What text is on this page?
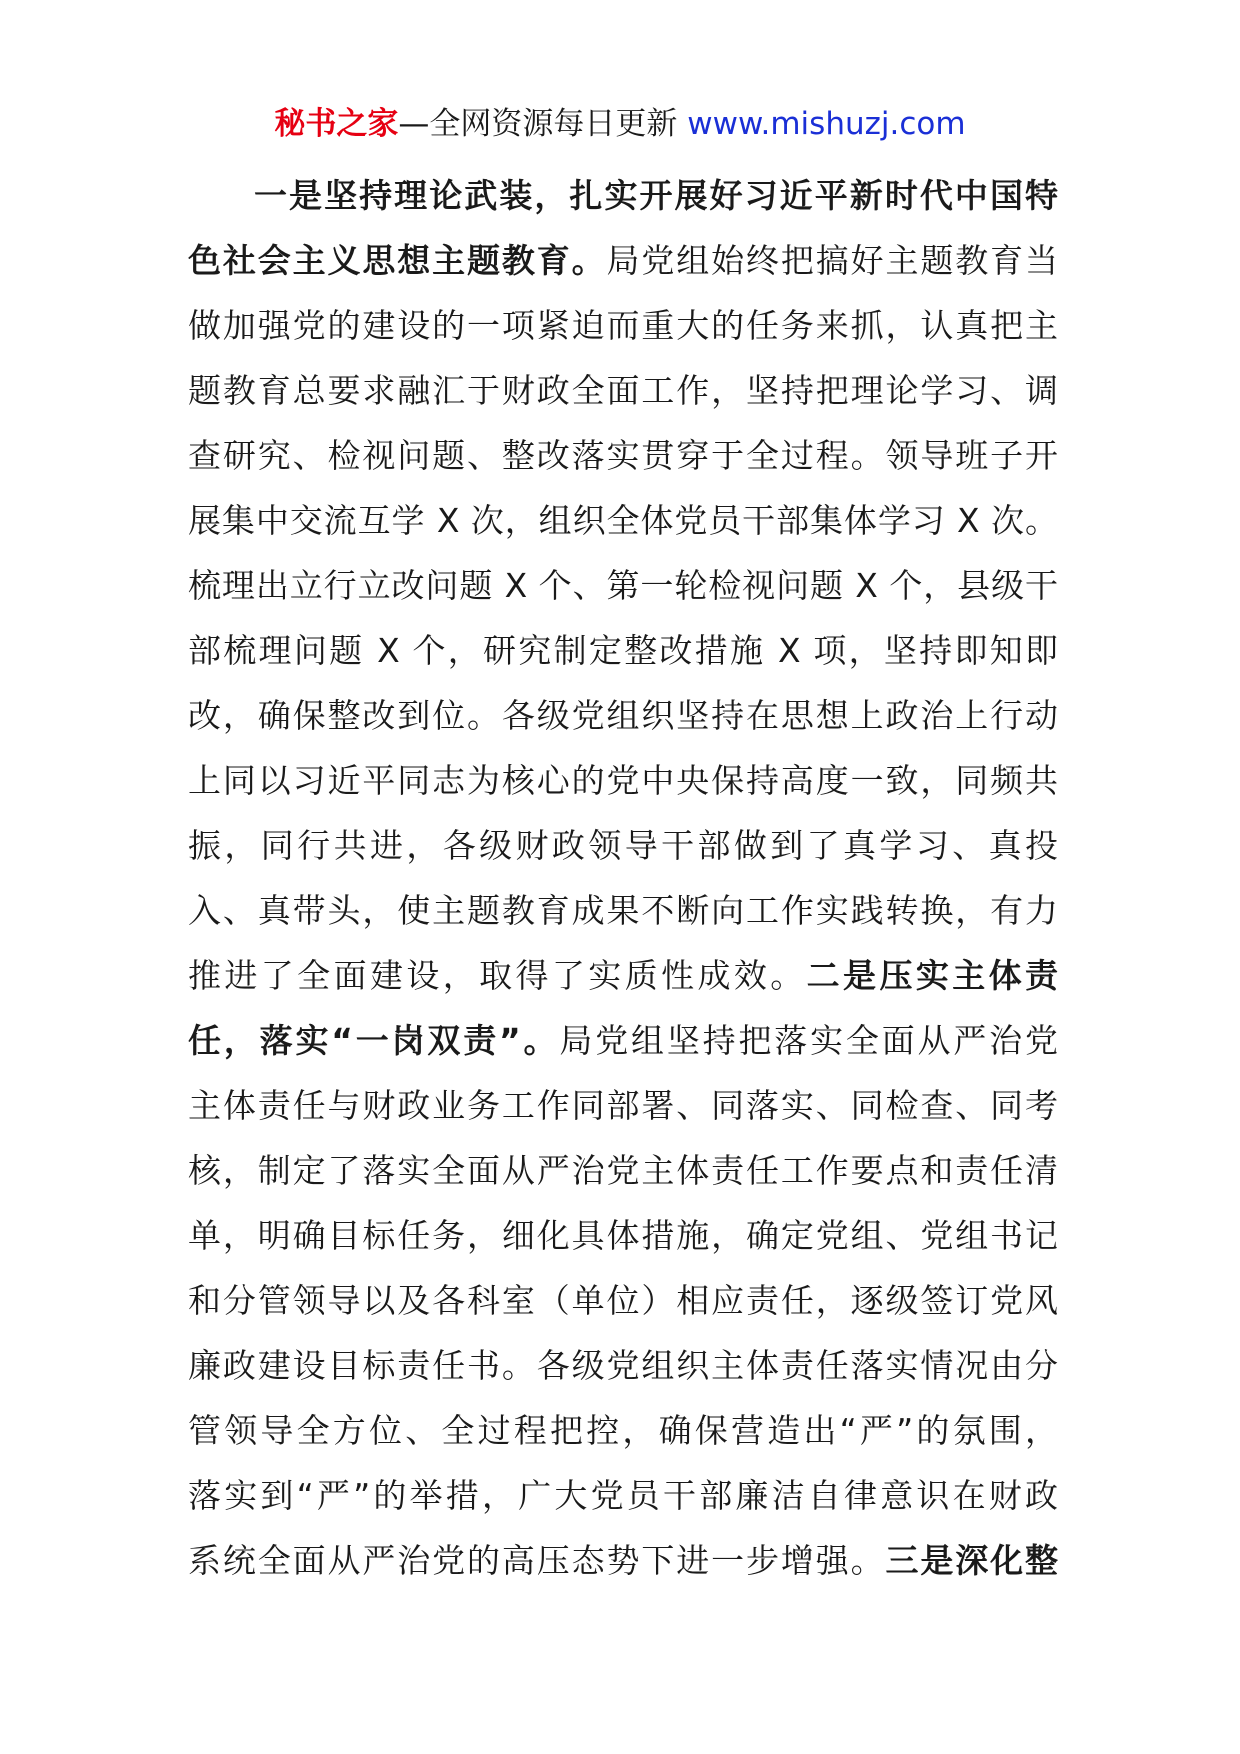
秘书之家—全网资源每日更新 www.mishuzj.com
一是坚持理论武装，扎实开展好习近平新时代中国特
色社会主义思想主题教育。局党组始终把搞好主题教育当
做加强党的建设的一项紧迫而重大的任务来抓，认真把主
题教育总要求融汇于财政全面工作，坚持把理论学习、调
查研究、检视问题、整改落实贯穿于全过程。领导班子开
展集中交流互学 X 次，组织全体党员干部集体学习 X 次。
梳理出立行立改问题 X 个、第一轮检视问题 X 个，县级干
部梳理问题 X 个，研究制定整改措施 X 项，坚持即知即
改，确保整改到位。各级党组织坚持在思想上政治上行动
上同以习近平同志为核心的党中央保持高度一致，同频共
振，同行共进，各级财政领导干部做到了真学习、真投
入、真带头，使主题教育成果不断向工作实践转换，有力
推进了全面建设，取得了实质性成效。二是压实主体责
任，落实“一岗双责”。局党组坚持把落实全面从严治党
主体责任与财政业务工作同部署、同落实、同检查、同考
核，制定了落实全面从严治党主体责任工作要点和责任清
单，明确目标任务，细化具体措施，确定党组、党组书记
和分管领导以及各科室（单位）相应责任，逐级签订党风
廉政建设目标责任书。各级党组织主体责任落实情况由分
管领导全方位、全过程把控，确保营造出“严”的氛围，
落实到“严”的举措，广大党员干部廉洁自律意识在财政
系统全面从严治党的高压态势下进一步增强。三是深化整
